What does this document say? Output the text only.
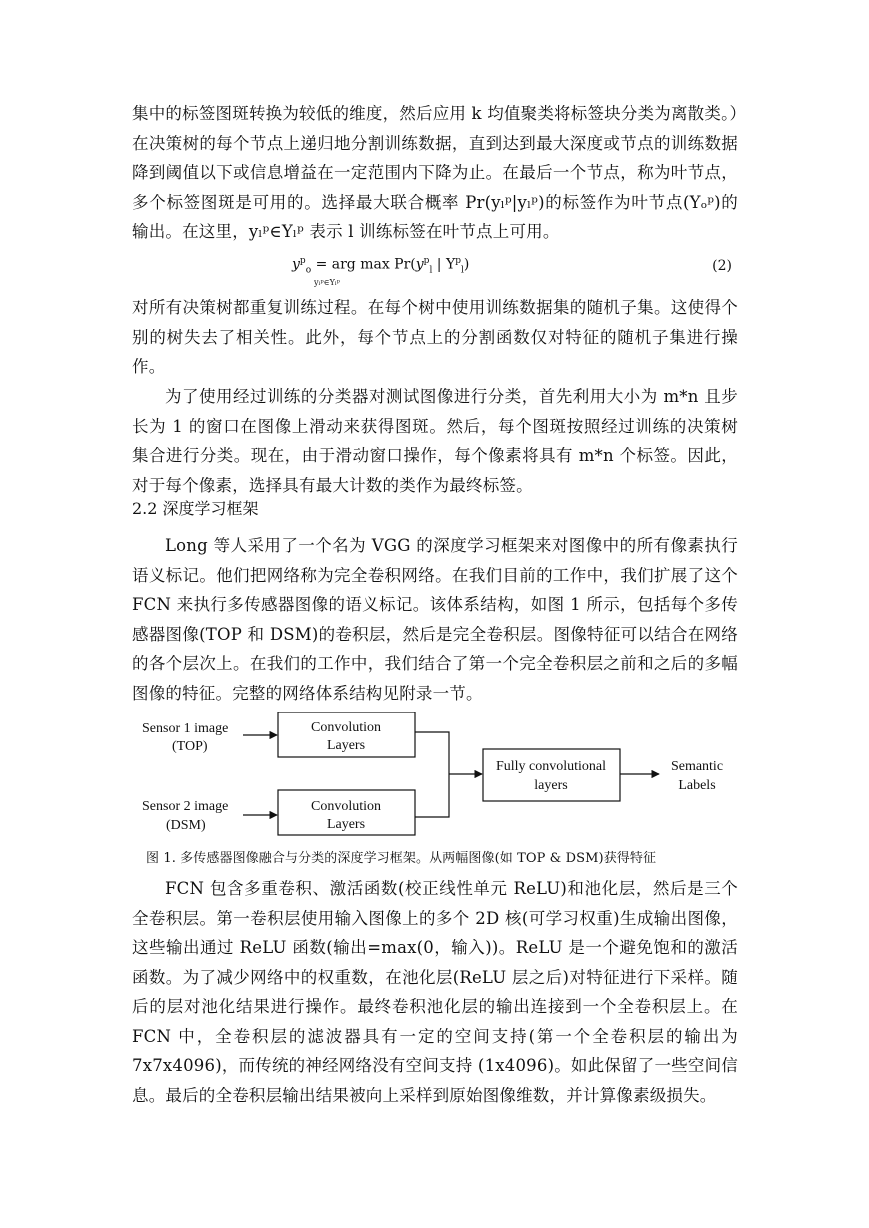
集中的标签图斑转换为较低的维度，然后应用 k 均值聚类将标签块分类为离散类。）在决策树的每个节点上递归地分割训练数据，直到达到最大深度或节点的训练数据降到阈值以下或信息增益在一定范围内下降为止。在最后一个节点，称为叶节点，多个标签图斑是可用的。选择最大联合概率 Pr(yₗᵖ|yₗᵖ)的标签作为叶节点(Yₒᵖ)的输出。在这里，yₗᵖ∈Yₗᵖ 表示 l 训练标签在叶节点上可用。

$y^p_o$ = arg $\max Pr(y^p_l$ | $Y^p_l$)
yₗᵖ∈Yₗᵖ
(2)

对所有决策树都重复训练过程。在每个树中使用训练数据集的随机子集。这使得个别的树失去了相关性。此外，每个节点上的分割函数仅对特征的随机子集进行操作。

为了使用经过训练的分类器对测试图像进行分类，首先利用大小为 m*n 且步长为 1 的窗口在图像上滑动来获得图斑。然后，每个图斑按照经过训练的决策树集合进行分类。现在，由于滑动窗口操作，每个像素将具有 m*n 个标签。因此，对于每个像素，选择具有最大计数的类作为最终标签。

2.2 深度学习框架

Long 等人采用了一个名为 VGG 的深度学习框架来对图像中的所有像素执行语义标记。他们把网络称为完全卷积网络。在我们目前的工作中，我们扩展了这个 FCN 来执行多传感器图像的语义标记。该体系结构，如图 1 所示，包括每个多传感器图像(TOP 和 DSM)的卷积层，然后是完全卷积层。图像特征可以结合在网络的各个层次上。在我们的工作中，我们结合了第一个完全卷积层之前和之后的多幅图像的特征。完整的网络体系结构见附录一节。

Sensor 1 image
(TOP)
Sensor 2 image
(DSM)
Convolution
Layers
Convolution
Layers
Fully convolutional
layers
Semantic
Labels

图 1. 多传感器图像融合与分类的深度学习框架。从两幅图像(如 TOP & DSM)获得特征

FCN 包含多重卷积、激活函数(校正线性单元 ReLU)和池化层，然后是三个全卷积层。第一卷积层使用输入图像上的多个 2D 核(可学习权重)生成输出图像，这些输出通过 ReLU 函数(输出=max(0，输入))。ReLU 是一个避免饱和的激活函数。为了减少网络中的权重数，在池化层(ReLU 层之后)对特征进行下采样。随后的层对池化结果进行操作。最终卷积池化层的输出连接到一个全卷积层上。在 FCN 中，全卷积层的滤波器具有一定的空间支持(第一个全卷积层的输出为 7x7x4096)，而传统的神经网络没有空间支持 (1x4096)。如此保留了一些空间信息。最后的全卷积层输出结果被向上采样到原始图像维数，并计算像素级损失。
